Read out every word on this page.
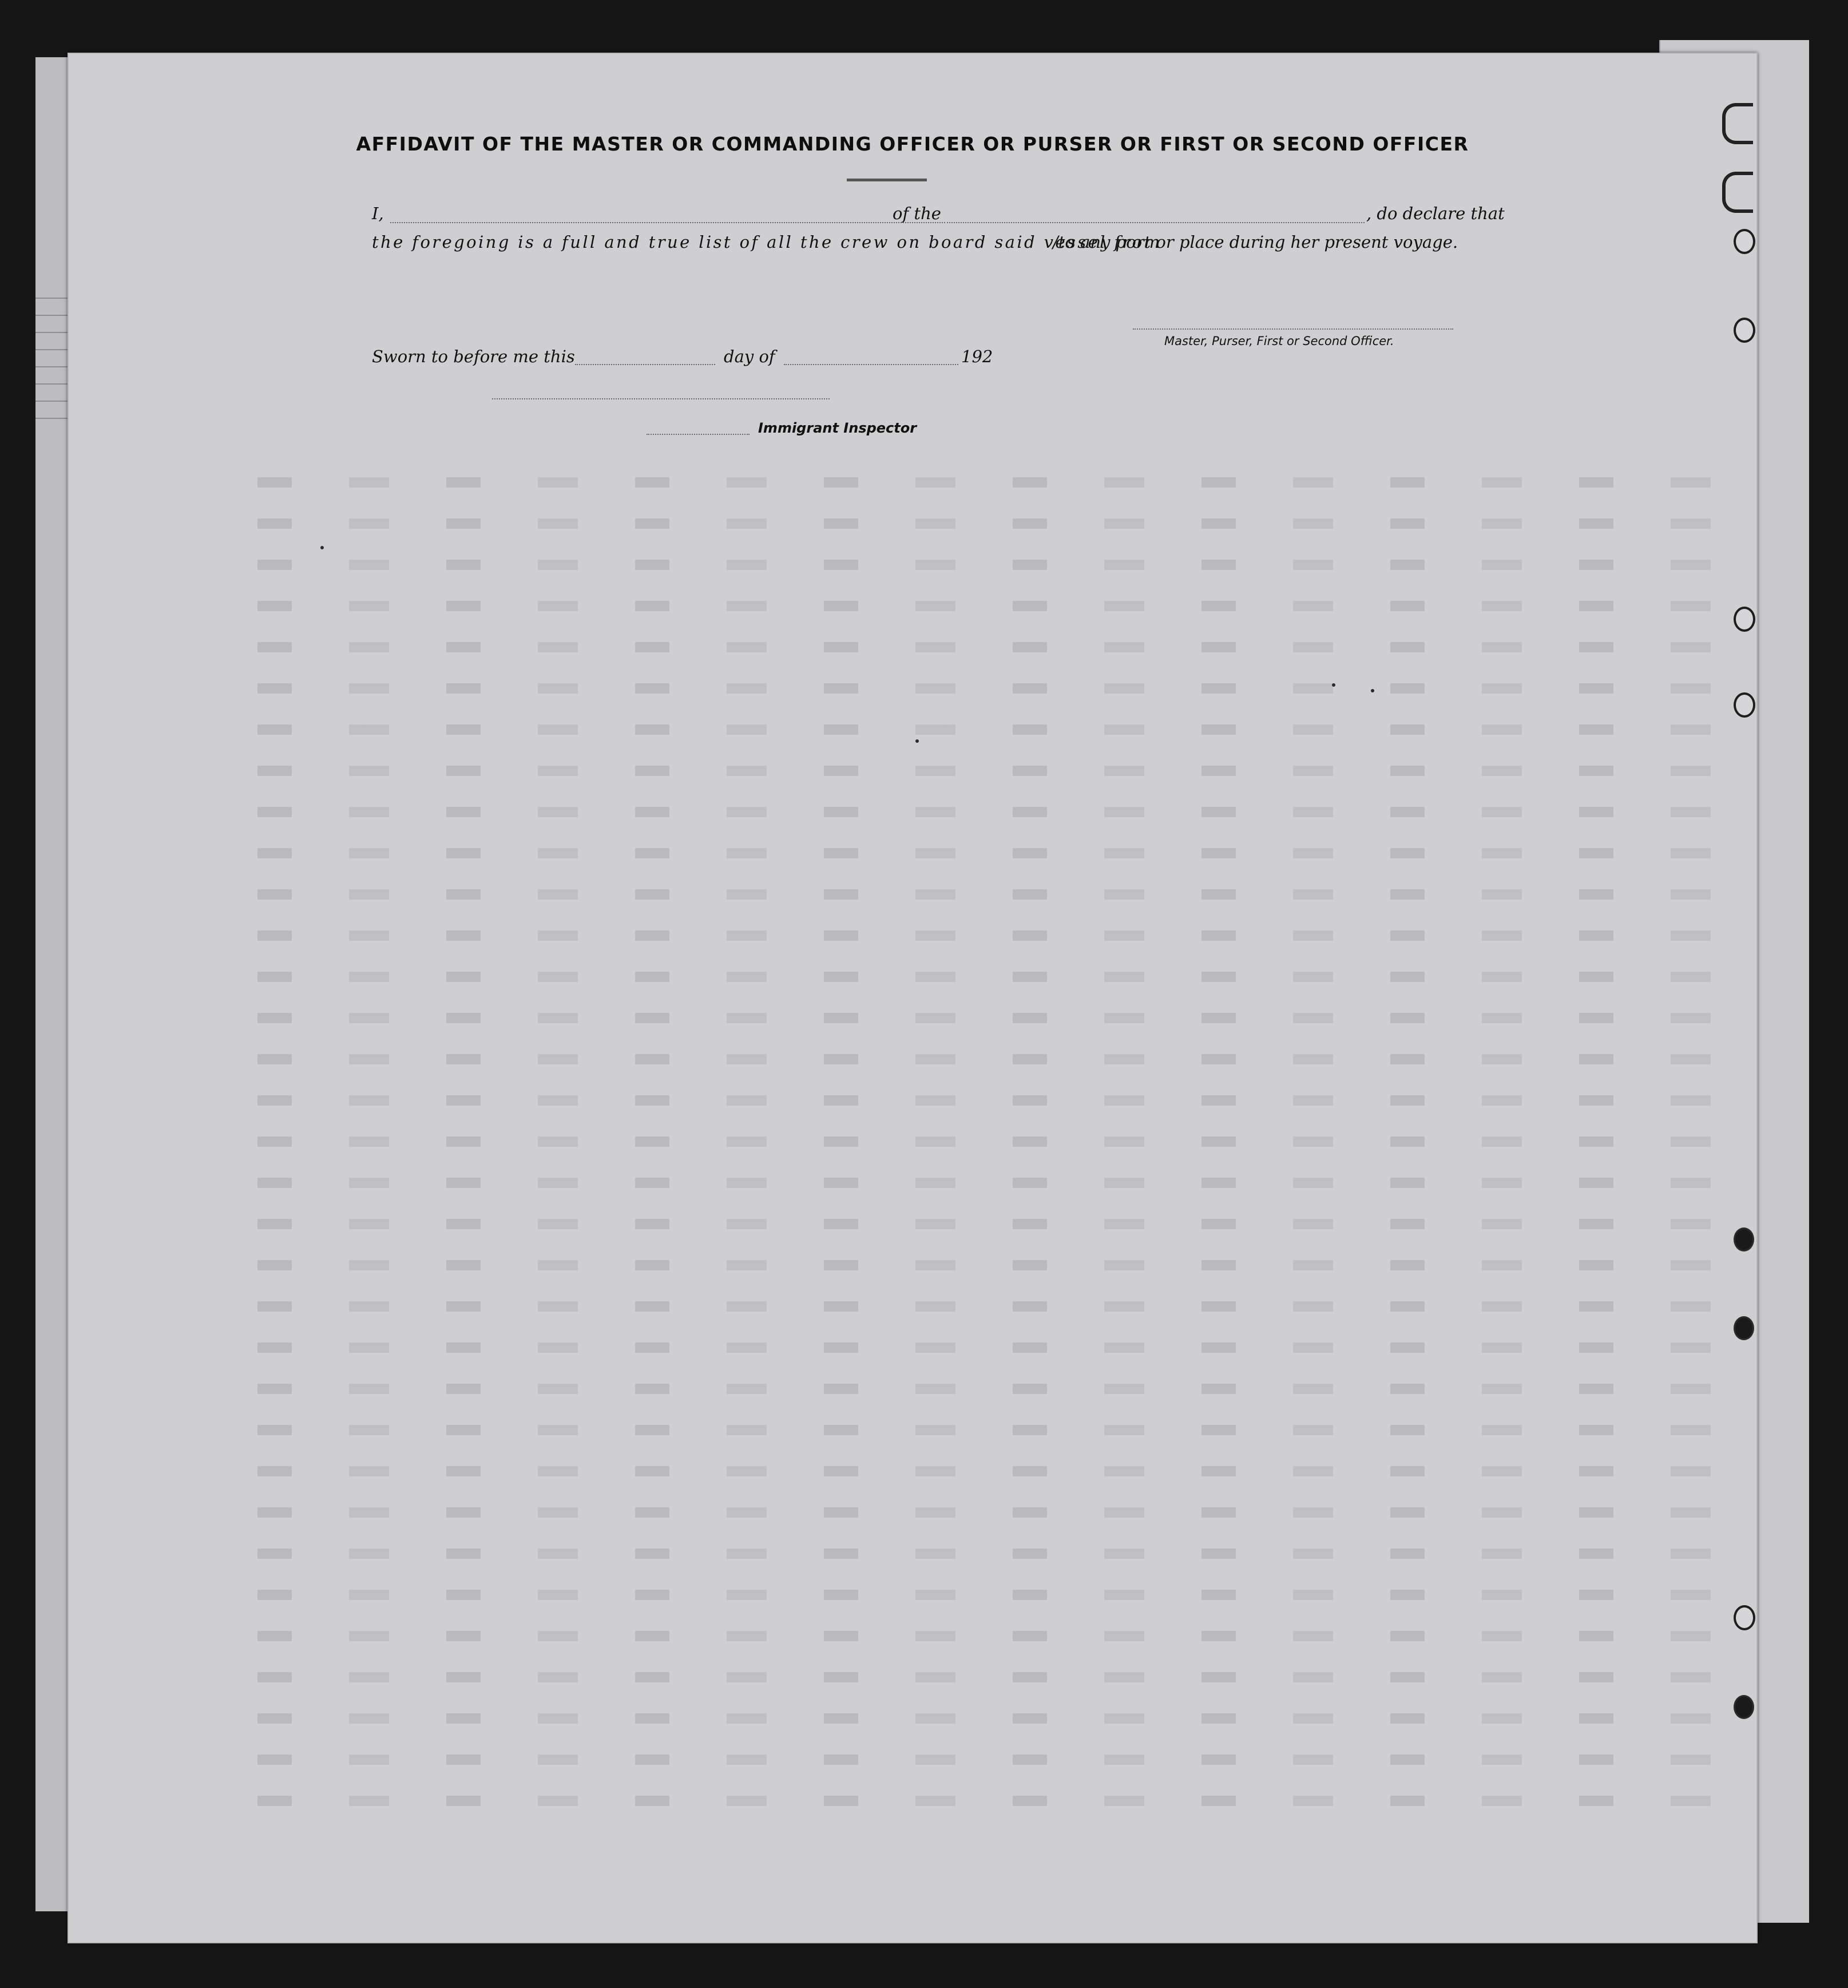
AFFIDAVIT OF THE MASTER OR COMMANDING OFFICER OR PURSER OR FIRST OR SECOND OFFICER
I,	of the	, do declare that
the foregoing is a full and true list of all the crew on board said vessel from
/to any port or place during her present voyage.
Master, Purser, First or Second Officer.
Sworn to before me this	day of	192
Immigrant Inspector
